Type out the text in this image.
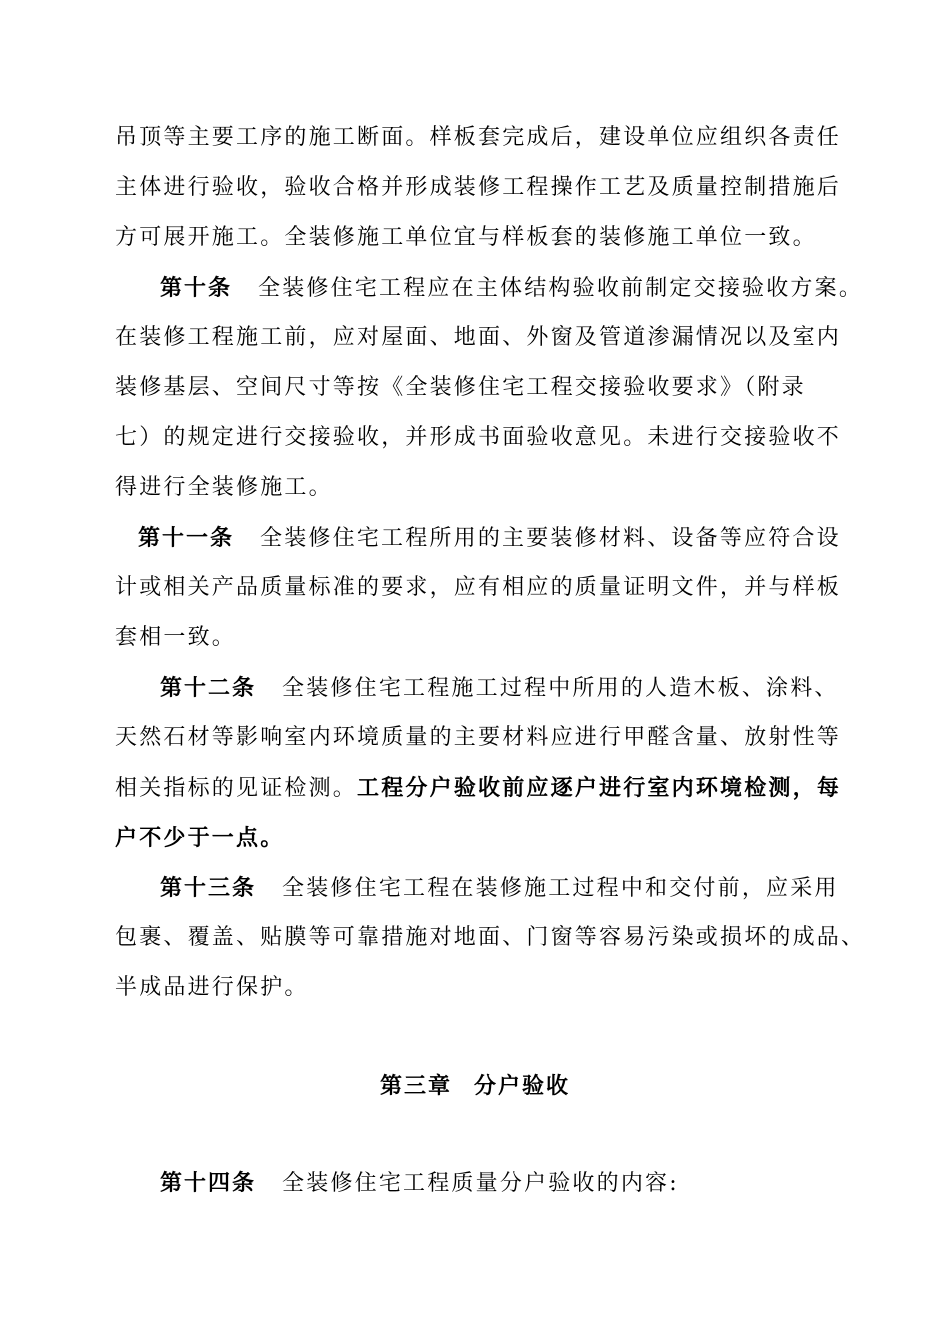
吊顶等主要工序的施工断面。样板套完成后，建设单位应组织各责任
主体进行验收，验收合格并形成装修工程操作工艺及质量控制措施后
方可展开施工。全装修施工单位宜与样板套的装修施工单位一致。
第十条 全装修住宅工程应在主体结构验收前制定交接验收方案。
在装修工程施工前，应对屋面、地面、外窗及管道渗漏情况以及室内
装修基层、空间尺寸等按《全装修住宅工程交接验收要求》（附录
七）的规定进行交接验收，并形成书面验收意见。未进行交接验收不
得进行全装修施工。
第十一条 全装修住宅工程所用的主要装修材料、设备等应符合设
计或相关产品质量标准的要求，应有相应的质量证明文件，并与样板
套相一致。
第十二条 全装修住宅工程施工过程中所用的人造木板、涂料、
天然石材等影响室内环境质量的主要材料应进行甲醛含量、放射性等
相关指标的见证检测。工程分户验收前应逐户进行室内环境检测，每
户不少于一点。
第十三条 全装修住宅工程在装修施工过程中和交付前，应采用
包裹、覆盖、贴膜等可靠措施对地面、门窗等容易污染或损坏的成品、
半成品进行保护。
第三章 分户验收
第十四条 全装修住宅工程质量分户验收的内容:
